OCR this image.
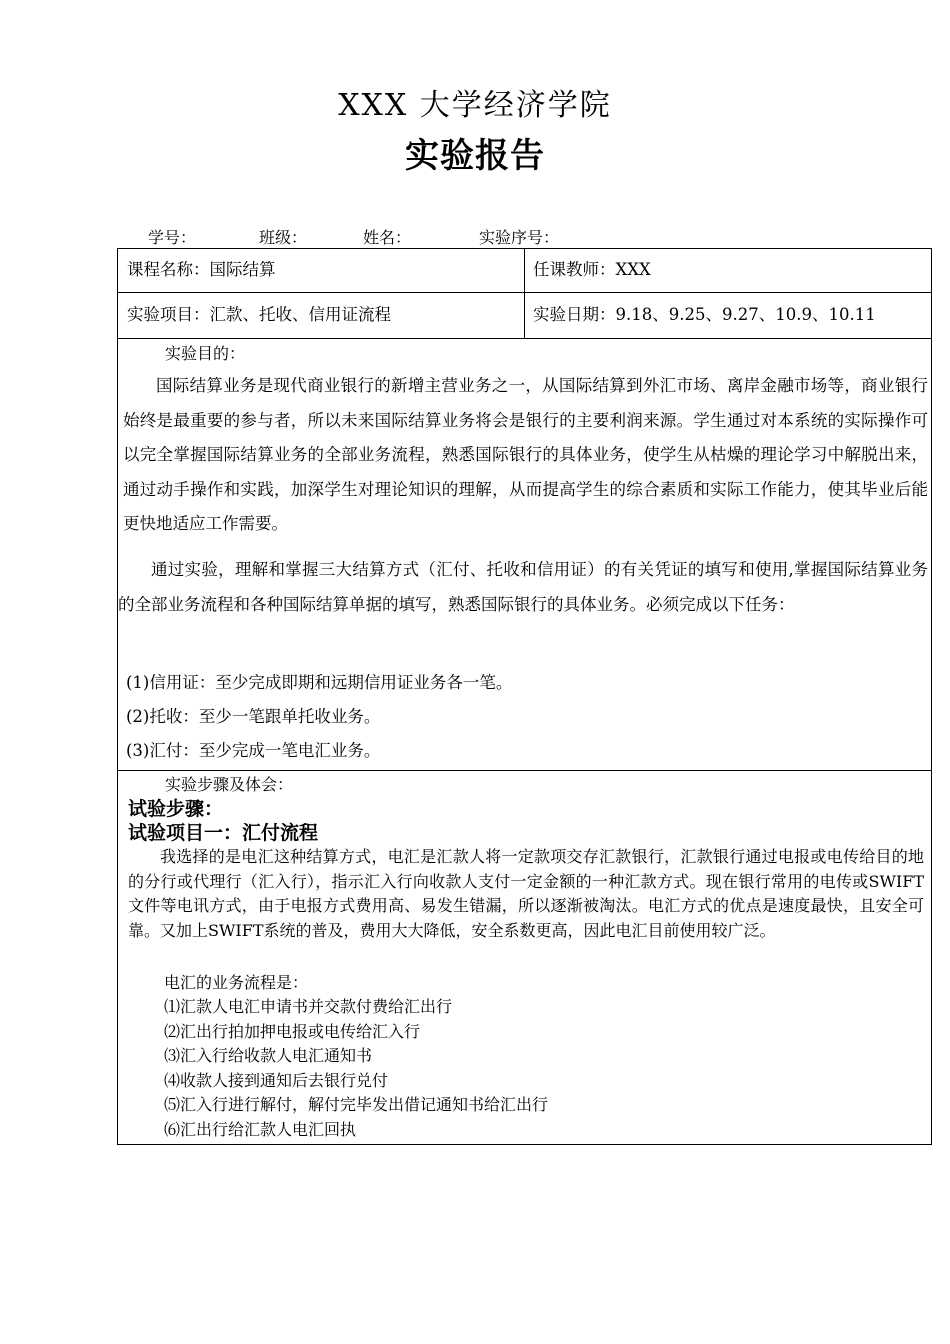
XXX 大学经济学院
实验报告
学号：	班级：	姓名：	实验序号：
课程名称：国际结算	任课教师：XXX
实验项目：汇款、托收、信用证流程	实验日期：9.18、9.25、9.27、10.9、10.11

实验目的：

国际结算业务是现代商业银行的新增主营业务之一，从国际结算到外汇市场、离岸金融市场等，商业银行始终是最重要的参与者，所以未来国际结算业务将会是银行的主要利润来源。学生通过对本系统的实际操作可以完全掌握国际结算业务的全部业务流程，熟悉国际银行的具体业务，使学生从枯燥的理论学习中解脱出来，通过动手操作和实践，加深学生对理论知识的理解，从而提高学生的综合素质和实际工作能力，使其毕业后能更快地适应工作需要。

通过实验，理解和掌握三大结算方式（汇付、托收和信用证）的有关凭证的填写和使用,掌握国际结算业务的全部业务流程和各种国际结算单据的填写，熟悉国际银行的具体业务。必须完成以下任务：

(1)信用证：至少完成即期和远期信用证业务各一笔。

(2)托收：至少一笔跟单托收业务。

(3)汇付：至少完成一笔电汇业务。

实验步骤及体会：

试验步骤：

试验项目一：汇付流程

我选择的是电汇这种结算方式，电汇是汇款人将一定款项交存汇款银行，汇款银行通过电报或电传给目的地的分行或代理行（汇入行），指示汇入行向收款人支付一定金额的一种汇款方式。现在银行常用的电传或SWIFT文件等电讯方式，由于电报方式费用高、易发生错漏，所以逐渐被淘汰。电汇方式的优点是速度最快，且安全可靠。又加上SWIFT系统的普及，费用大大降低，安全系数更高，因此电汇目前使用较广泛。

电汇的业务流程是：

⑴汇款人电汇申请书并交款付费给汇出行
⑵汇出行拍加押电报或电传给汇入行
⑶汇入行给收款人电汇通知书
⑷收款人接到通知后去银行兑付
⑸汇入行进行解付，解付完毕发出借记通知书给汇出行
⑹汇出行给汇款人电汇回执
